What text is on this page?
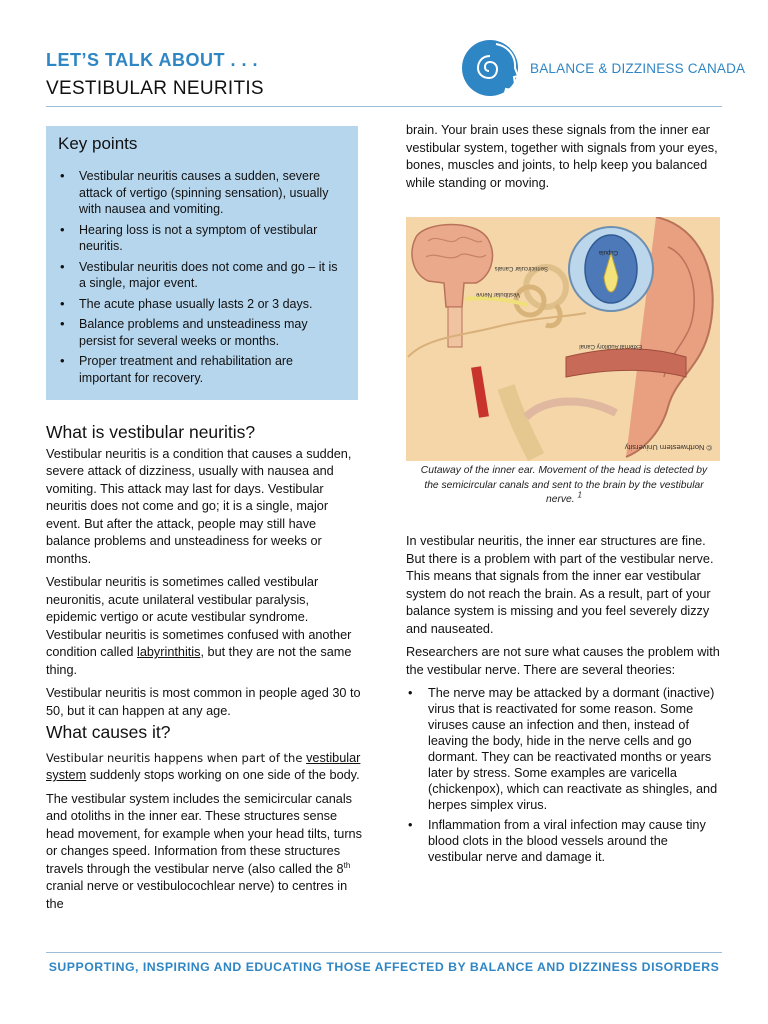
LET’S TALK ABOUT . . .
VESTIBULAR NEURITIS
BALANCE & DIZZINESS CANADA
Key points
• Vestibular neuritis causes a sudden, severe attack of vertigo (spinning sensation), usually with nausea and vomiting.
• Hearing loss is not a symptom of vestibular neuritis.
• Vestibular neuritis does not come and go – it is a single, major event.
• The acute phase usually lasts 2 or 3 days.
• Balance problems and unsteadiness may persist for several weeks or months.
• Proper treatment and rehabilitation are important for recovery.
What is vestibular neuritis?

Vestibular neuritis is a condition that causes a sudden, severe attack of dizziness, usually with nausea and vomiting. This attack may last for days. Vestibular neuritis does not come and go; it is a single, major event. But after the attack, people may still have balance problems and unsteadiness for weeks or months.

Vestibular neuritis is sometimes called vestibular neuronitis, acute unilateral vestibular paralysis, epidemic vertigo or acute vestibular syndrome. Vestibular neuritis is sometimes confused with another condition called labyrinthitis, but they are not the same thing.

Vestibular neuritis is most common in people aged 30 to 50, but it can happen at any age.

What causes it?

Vestibular neuritis happens when part of the vestibular system suddenly stops working on one side of the body.

The vestibular system includes the semicircular canals and otoliths in the inner ear. These structures sense head movement, for example when your head tilts, turns or changes speed. Information from these structures travels through the vestibular nerve (also called the 8th cranial nerve or vestibulocochlear nerve) to centres in the

brain. Your brain uses these signals from the inner ear vestibular system, together with signals from your eyes, bones, muscles and joints, to help keep you balanced while standing or moving.

Semicircular Canals
Vestibular Nerve
Cupula
External Auditory Canal
© Northwestern University
Cutaway of the inner ear. Movement of the head is detected by the semicircular canals and sent to the brain by the vestibular nerve. $^1$

In vestibular neuritis, the inner ear structures are fine. But there is a problem with part of the vestibular nerve. This means that signals from the inner ear vestibular system do not reach the brain. As a result, part of your balance system is missing and you feel severely dizzy and nauseated.

Researchers are not sure what causes the problem with the vestibular nerve. There are several theories:

• The nerve may be attacked by a dormant (inactive) virus that is reactivated for some reason. Some viruses cause an infection and then, instead of leaving the body, hide in the nerve cells and go dormant. They can be reactivated months or years later by stress. Some examples are varicella (chickenpox), which can reactivate as shingles, and herpes simplex virus.
• Inflammation from a viral infection may cause tiny blood clots in the blood vessels around the vestibular nerve and damage it.
SUPPORTING, INSPIRING AND EDUCATING THOSE AFFECTED BY BALANCE AND DIZZINESS DISORDERS
